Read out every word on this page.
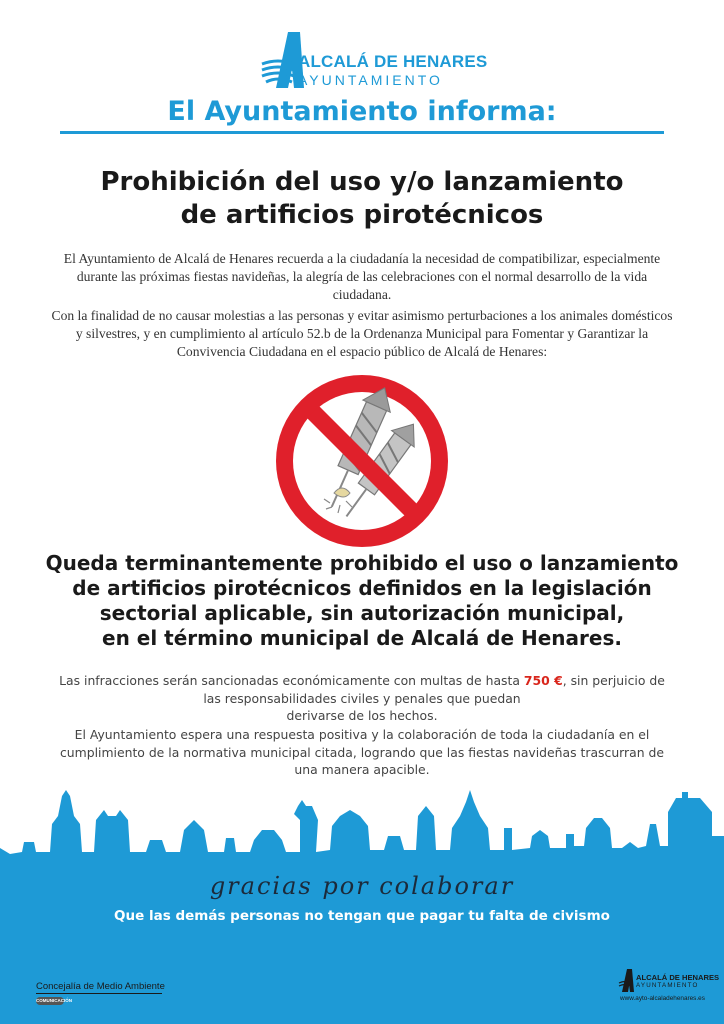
ALCALÁ DE HENARES
AYUNTAMIENTO
El Ayuntamiento informa:
Prohibición del uso y/o lanzamiento
de artificios pirotécnicos
El Ayuntamiento de Alcalá de Henares recuerda a la ciudadanía la necesidad de compatibilizar, especialmente durante las próximas fiestas navideñas, la alegría de las celebraciones con el normal desarrollo de la vida ciudadana.
Con la finalidad de no causar molestias a las personas y evitar asimismo perturbaciones a los animales domésticos y silvestres, y en cumplimiento al artículo 52.b de la Ordenanza Municipal para Fomentar y Garantizar la Convivencia Ciudadana en el espacio público de Alcalá de Henares:
Queda terminantemente prohibido el uso o lanzamiento
de artificios pirotécnicos definidos en la legislación
sectorial aplicable, sin autorización municipal,
en el término municipal de Alcalá de Henares.
Las infracciones serán sancionadas económicamente con multas de hasta 750 €, sin perjuicio de las responsabilidades civiles y penales que puedan
derivarse de los hechos.
El Ayuntamiento espera una respuesta positiva y la colaboración de toda la ciudadanía en el cumplimiento de la normativa municipal citada, logrando que las fiestas navideñas trascurran de una manera apacible.
gracias por colaborar
Que las demás personas no tengan que pagar tu falta de civismo
Concejalía de Medio Ambiente
COMUNICACIÓN
ALCALÁ DE HENARES
AYUNTAMIENTO
www.ayto-alcaladehenares.es
